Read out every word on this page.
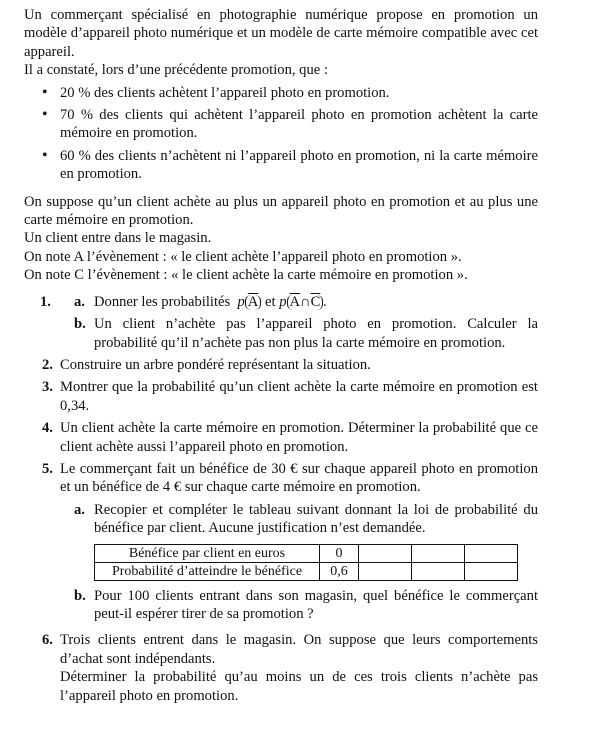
Un commerçant spécialisé en photographie numérique propose en promotion un modèle d’appareil photo numérique et un modèle de carte mémoire compatible avec cet appareil.

Il a constaté, lors d’une précédente promotion, que :

• 20 % des clients achètent l’appareil photo en promotion.
• 70 % des clients qui achètent l’appareil photo en promotion achètent la carte mémoire en promotion.
• 60 % des clients n’achètent ni l’appareil photo en promotion, ni la carte mémoire en promotion.

On suppose qu’un client achète au plus un appareil photo en promotion et au plus une carte mémoire en promotion.

Un client entre dans le magasin.

On note A l’évènement : « le client achète l’appareil photo en promotion ».

On note C l’évènement : « le client achète la carte mémoire en promotion ».

1. a. Donner les probabilités  p $\overline{A}$ et p $\overline{A}\cap\overline{C}$ .
b. Un client n’achète pas l’appareil photo en promotion. Calculer la probabilité qu’il n’achète pas non plus la carte mémoire en promotion.
2. Construire un arbre pondéré représentant la situation.
3. Montrer que la probabilité qu’un client achète la carte mémoire en promotion est 0,34.
4. Un client achète la carte mémoire en promotion. Déterminer la probabilité que ce client achète aussi l’appareil photo en promotion.
5. Le commerçant fait un bénéfice de 30 € sur chaque appareil photo en promotion et un bénéfice de 4 € sur chaque carte mémoire en promotion.
a. Recopier et compléter le tableau suivant donnant la loi de probabilité du bénéfice par client. Aucune justification n’est demandée.
Bénéfice par client en euros	0			
Probabilité d’atteindre le bénéfice	0,6			
b. Pour 100 clients entrant dans son magasin, quel bénéfice le commerçant peut-il espérer tirer de sa promotion ?
6. Trois clients entrent dans le magasin. On suppose que leurs comportements d’achat sont indépendants.
Déterminer la probabilité qu’au moins un de ces trois clients n’achète pas l’appareil photo en promotion.
